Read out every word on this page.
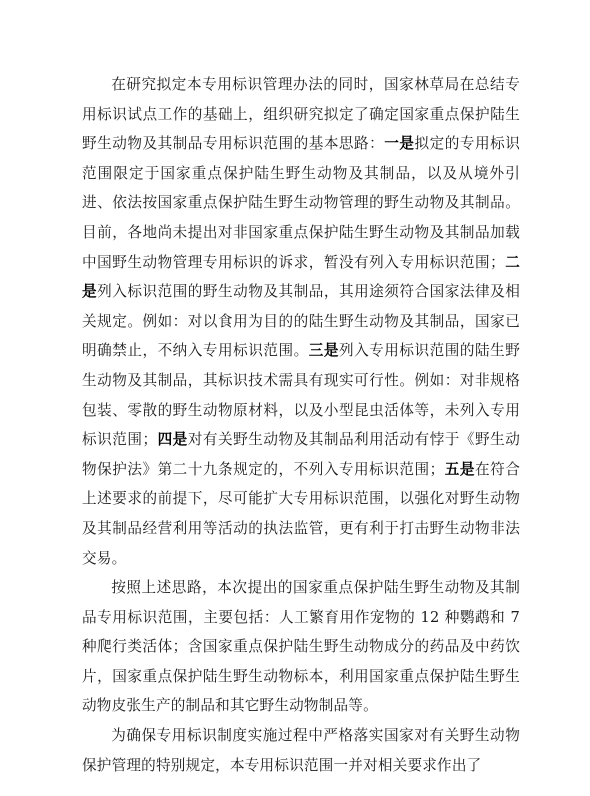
在研究拟定本专用标识管理办法的同时，国家林草局在总结专用标识试点工作的基础上，组织研究拟定了确定国家重点保护陆生野生动物及其制品专用标识范围的基本思路：一是拟定的专用标识范围限定于国家重点保护陆生野生动物及其制品，以及从境外引进、依法按国家重点保护陆生野生动物管理的野生动物及其制品。目前，各地尚未提出对非国家重点保护陆生野生动物及其制品加载中国野生动物管理专用标识的诉求，暂没有列入专用标识范围；二是列入标识范围的野生动物及其制品，其用途须符合国家法律及相关规定。例如：对以食用为目的的陆生野生动物及其制品，国家已明确禁止，不纳入专用标识范围。三是列入专用标识范围的陆生野生动物及其制品，其标识技术需具有现实可行性。例如：对非规格包装、零散的野生动物原材料，以及小型昆虫活体等，未列入专用标识范围；四是对有关野生动物及其制品利用活动有悖于《野生动物保护法》第二十九条规定的，不列入专用标识范围；五是在符合上述要求的前提下，尽可能扩大专用标识范围，以强化对野生动物及其制品经营利用等活动的执法监管，更有利于打击野生动物非法交易。

按照上述思路，本次提出的国家重点保护陆生野生动物及其制品专用标识范围，主要包括：人工繁育用作宠物的 12 种鹦鹉和 7 种爬行类活体；含国家重点保护陆生野生动物成分的药品及中药饮片，国家重点保护陆生野生动物标本，利用国家重点保护陆生野生动物皮张生产的制品和其它野生动物制品等。

为确保专用标识制度实施过程中严格落实国家对有关野生动物保护管理的特别规定，本专用标识范围一并对相关要求作出了
